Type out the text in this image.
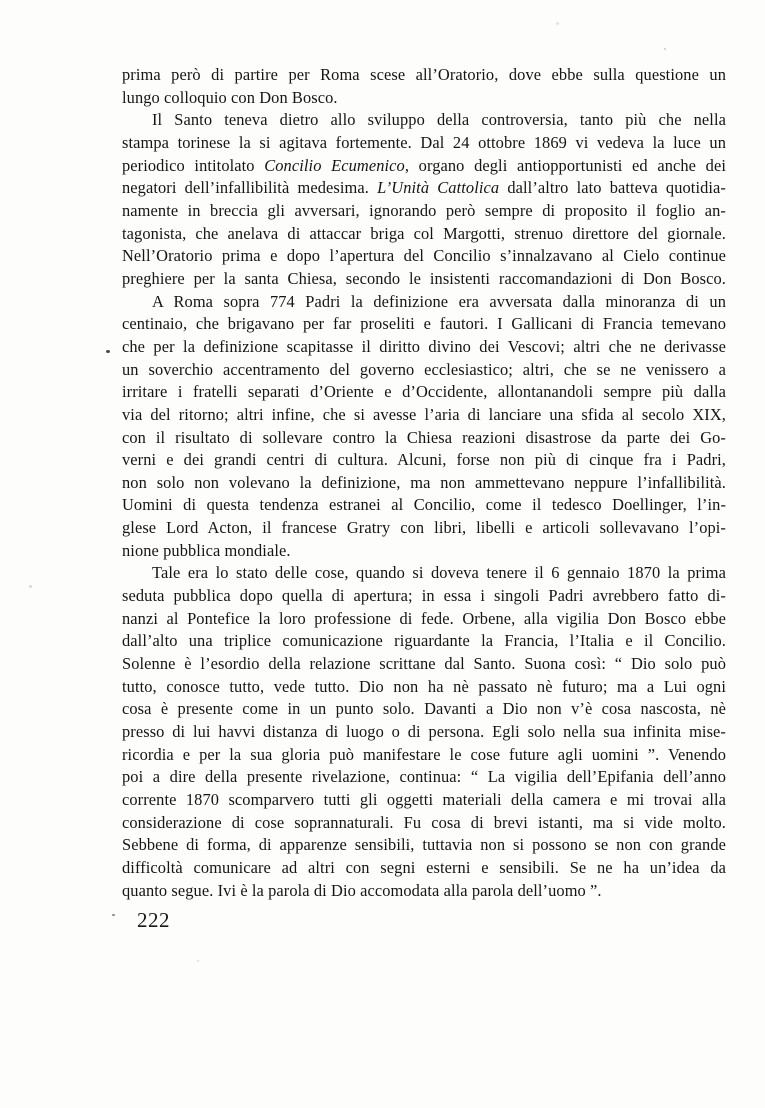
prima però di partire per Roma scese all’Oratorio, dove ebbe sulla questione un
lungo colloquio con Don Bosco.
Il Santo teneva dietro allo sviluppo della controversia, tanto più che nella
stampa torinese la si agitava fortemente. Dal 24 ottobre 1869 vi vedeva la luce un
periodico intitolato Concilio Ecumenico, organo degli antiopportunisti ed anche dei
negatori dell’infallibilità medesima. L’Unità Cattolica dall’altro lato batteva quotidia-
namente in breccia gli avversari, ignorando però sempre di proposito il foglio an-
tagonista, che anelava di attaccar briga col Margotti, strenuo direttore del giornale.
Nell’Oratorio prima e dopo l’apertura del Concilio s’innalzavano al Cielo continue
preghiere per la santa Chiesa, secondo le insistenti raccomandazioni di Don Bosco.
A Roma sopra 774 Padri la definizione era avversata dalla minoranza di un
centinaio, che brigavano per far proseliti e fautori. I Gallicani di Francia temevano
che per la definizione scapitasse il diritto divino dei Vescovi; altri che ne derivasse
un soverchio accentramento del governo ecclesiastico; altri, che se ne venissero a
irritare i fratelli separati d’Oriente e d’Occidente, allontanandoli sempre più dalla
via del ritorno; altri infine, che si avesse l’aria di lanciare una sfida al secolo XIX,
con il risultato di sollevare contro la Chiesa reazioni disastrose da parte dei Go-
verni e dei grandi centri di cultura. Alcuni, forse non più di cinque fra i Padri,
non solo non volevano la definizione, ma non ammettevano neppure l’infallibilità.
Uomini di questa tendenza estranei al Concilio, come il tedesco Doellinger, l’in-
glese Lord Acton, il francese Gratry con libri, libelli e articoli sollevavano l’opi-
nione pubblica mondiale.
Tale era lo stato delle cose, quando si doveva tenere il 6 gennaio 1870 la prima
seduta pubblica dopo quella di apertura; in essa i singoli Padri avrebbero fatto di-
nanzi al Pontefice la loro professione di fede. Orbene, alla vigilia Don Bosco ebbe
dall’alto una triplice comunicazione riguardante la Francia, l’Italia e il Concilio.
Solenne è l’esordio della relazione scrittane dal Santo. Suona così: “ Dio solo può
tutto, conosce tutto, vede tutto. Dio non ha nè passato nè futuro; ma a Lui ogni
cosa è presente come in un punto solo. Davanti a Dio non v’è cosa nascosta, nè
presso di lui havvi distanza di luogo o di persona. Egli solo nella sua infinita mise-
ricordia e per la sua gloria può manifestare le cose future agli uomini ”. Venendo
poi a dire della presente rivelazione, continua: “ La vigilia dell’Epifania dell’anno
corrente 1870 scomparvero tutti gli oggetti materiali della camera e mi trovai alla
considerazione di cose soprannaturali. Fu cosa di brevi istanti, ma si vide molto.
Sebbene di forma, di apparenze sensibili, tuttavia non si possono se non con grande
difficoltà comunicare ad altri con segni esterni e sensibili. Se ne ha un’idea da
quanto segue. Ivi è la parola di Dio accomodata alla parola dell’uomo ”.
222
